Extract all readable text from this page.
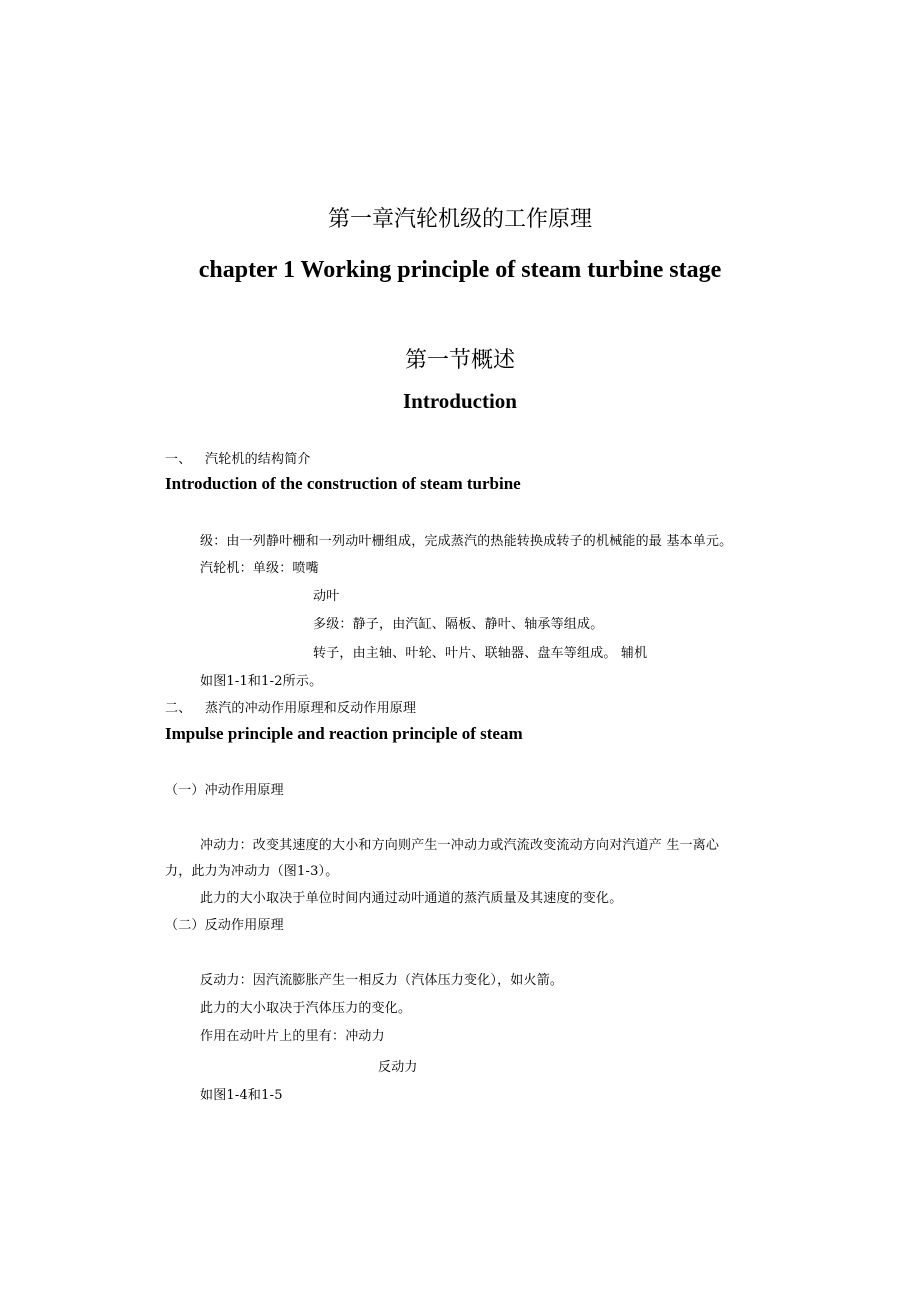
第一章汽轮机级的工作原理
chapter 1 Working principle of steam turbine stage
第一节概述
Introduction
一、 汽轮机的结构简介
Introduction of the construction of steam turbine
级：由一列静叶栅和一列动叶栅组成，完成蒸汽的热能转换成转子的机械能的最 基本单元。
汽轮机：单级：喷嘴
动叶
多级：静子，由汽缸、隔板、静叶、轴承等组成。
转子，由主轴、叶轮、叶片、联轴器、盘车等组成。 辅机
如图1-1和1-2所示。
二、 蒸汽的冲动作用原理和反动作用原理
Impulse principle and reaction principle of steam
（一）冲动作用原理
冲动力：改变其速度的大小和方向则产生一冲动力或汽流改变流动方向对汽道产 生一离心
力，此力为冲动力（图1-3）。
此力的大小取决于单位时间内通过动叶通道的蒸汽质量及其速度的变化。
（二）反动作用原理
反动力：因汽流膨胀产生一相反力（汽体压力变化），如火箭。
此力的大小取决于汽体压力的变化。
作用在动叶片上的里有：冲动力
反动力
如图1-4和1-5
